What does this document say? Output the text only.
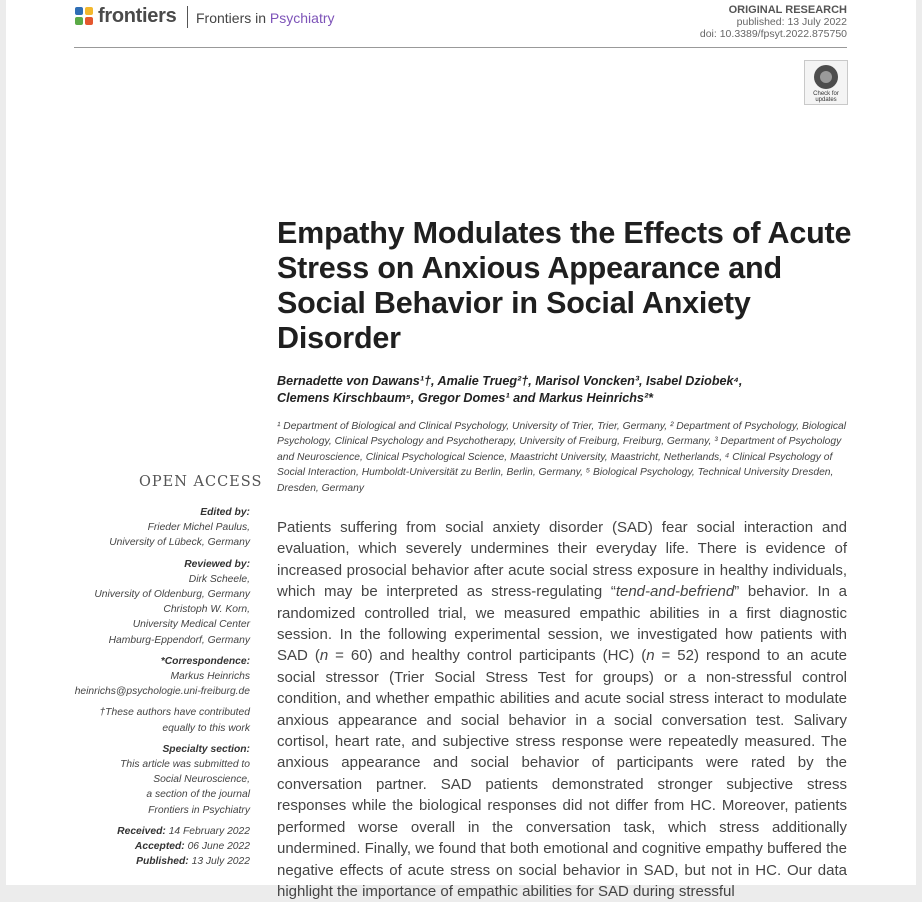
frontiers Frontiers in Psychiatry	ORIGINAL RESEARCH
published: 13 July 2022
doi: 10.3389/fpsyt.2022.875750
Check for updates
Empathy Modulates the Effects of Acute Stress on Anxious Appearance and Social Behavior in Social Anxiety Disorder
Bernadette von Dawans¹†, Amalie Trueg²†, Marisol Voncken³, Isabel Dziobek⁴,
Clemens Kirschbaum⁵, Gregor Domes¹ and Markus Heinrichs²*
¹ Department of Biological and Clinical Psychology, University of Trier, Trier, Germany, ² Department of Psychology, Biological Psychology, Clinical Psychology and Psychotherapy, University of Freiburg, Freiburg, Germany, ³ Department of Psychology and Neuroscience, Clinical Psychological Science, Maastricht University, Maastricht, Netherlands, ⁴ Clinical Psychology of Social Interaction, Humboldt-Universität zu Berlin, Berlin, Germany, ⁵ Biological Psychology, Technical University Dresden, Dresden, Germany
OPEN ACCESS
Edited by:
Frieder Michel Paulus,
University of Lübeck, Germany
Reviewed by:
Dirk Scheele,
University of Oldenburg, Germany
Christoph W. Korn,
University Medical Center
Hamburg-Eppendorf, Germany
*Correspondence:
Markus Heinrichs
heinrichs@psychologie.uni-freiburg.de
†These authors have contributed
equally to this work
Specialty section:
This article was submitted to
Social Neuroscience,
a section of the journal
Frontiers in Psychiatry
Received: 14 February 2022
Accepted: 06 June 2022
Published: 13 July 2022
Patients suffering from social anxiety disorder (SAD) fear social interaction and evaluation, which severely undermines their everyday life. There is evidence of increased prosocial behavior after acute social stress exposure in healthy individuals, which may be interpreted as stress-regulating “tend-and-befriend” behavior. In a randomized controlled trial, we measured empathic abilities in a first diagnostic session. In the following experimental session, we investigated how patients with SAD (n = 60) and healthy control participants (HC) (n = 52) respond to an acute social stressor (Trier Social Stress Test for groups) or a non-stressful control condition, and whether empathic abilities and acute social stress interact to modulate anxious appearance and social behavior in a social conversation test. Salivary cortisol, heart rate, and subjective stress response were repeatedly measured. The anxious appearance and social behavior of participants were rated by the conversation partner. SAD patients demonstrated stronger subjective stress responses while the biological responses did not differ from HC. Moreover, patients performed worse overall in the conversation task, which stress additionally undermined. Finally, we found that both emotional and cognitive empathy buffered the negative effects of acute stress on social behavior in SAD, but not in HC. Our data highlight the importance of empathic abilities for SAD during stressful
